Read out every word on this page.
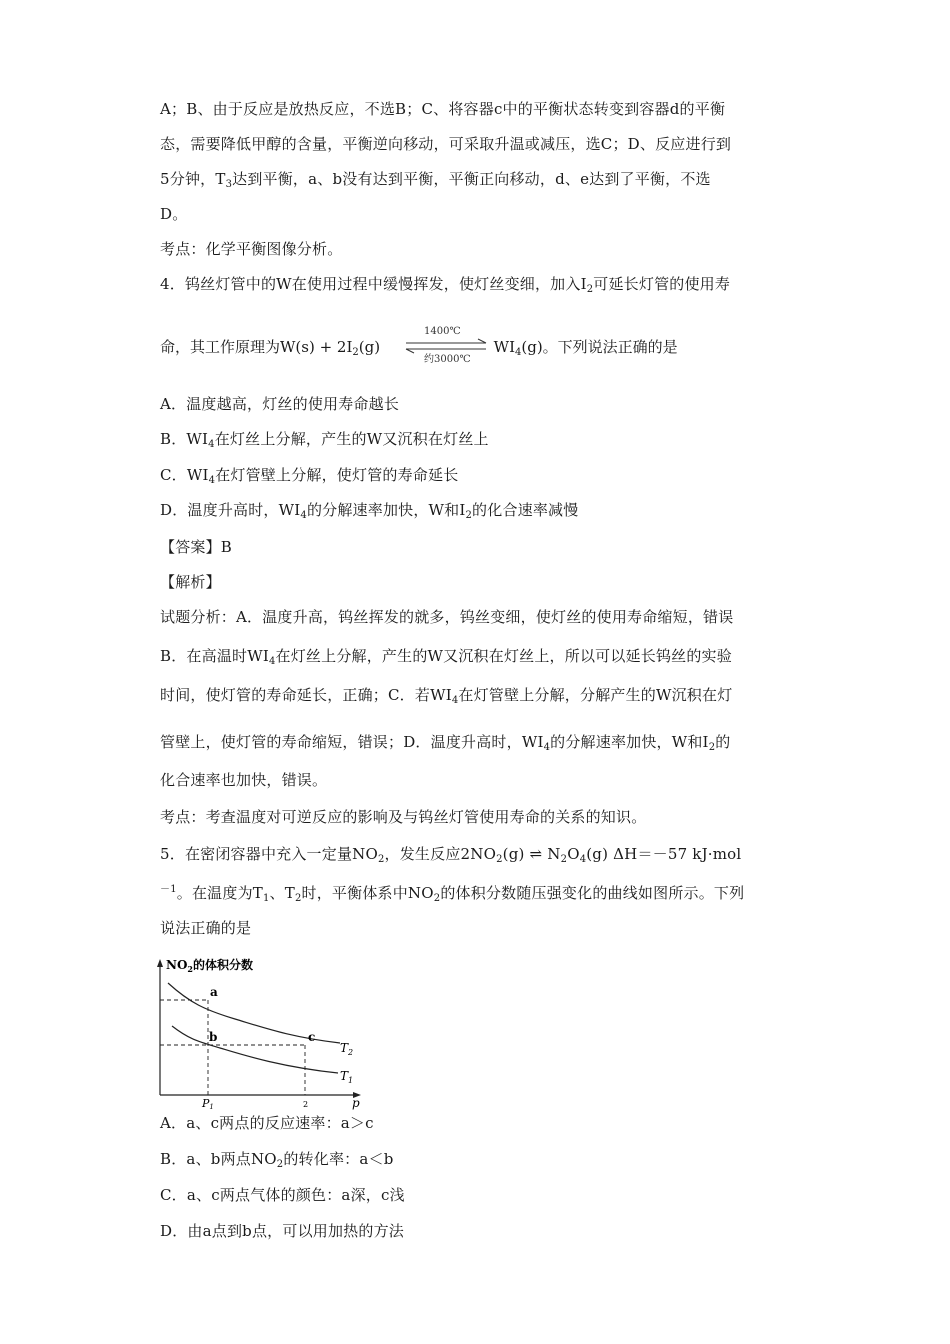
A；B、由于反应是放热反应，不选B；C、将容器c中的平衡状态转变到容器d的平衡
态，需要降低甲醇的含量，平衡逆向移动，可采取升温或减压，选C；D、反应进行到
5分钟，$T_3$达到平衡，a、b没有达到平衡，平衡正向移动，d、e达到了平衡，不选
D。
考点：化学平衡图像分析。
4．钨丝灯管中的W在使用过程中缓慢挥发，使灯丝变细，加入$I_2$可延长灯管的使用寿
命，其工作原理为$W(s) + 2I_2(g)$	$WI_4(g)$。下列说法正确的是
1400℃
约3000℃
A．温度越高，灯丝的使用寿命越长
B．$WI_4$在灯丝上分解，产生的W又沉积在灯丝上
C．$WI_4$在灯管壁上分解，使灯管的寿命延长
D．温度升高时，$WI_4$的分解速率加快，W和$I_2$的化合速率减慢
【答案】B
【解析】
试题分析：A．温度升高，钨丝挥发的就多，钨丝变细，使灯丝的使用寿命缩短，错误
B．在高温时$WI_4$在灯丝上分解，产生的W又沉积在灯丝上，所以可以延长钨丝的实验
时间，使灯管的寿命延长，正确；C．若$WI_4$在灯管壁上分解，分解产生的W沉积在灯
管壁上，使灯管的寿命缩短，错误；D．温度升高时，$WI_4$的分解速率加快，W和$I_2$的
化合速率也加快，错误。
考点：考查温度对可逆反应的影响及与钨丝灯管使用寿命的关系的知识。
5．在密闭容器中充入一定量$NO_2$，发生反应$2NO_2(g)$ ⇌ $N_2O_4(g)$ ΔH＝－57 kJ·mol
$^{-1}$。在温度为$T_1$、$T_2$时，平衡体系中$NO_2$的体积分数随压强变化的曲线如图所示。下列
说法正确的是
$NO_2$的体积分数
a
b	c
$T_2$
$T_1$
P1	2	p
A．a、c两点的反应速率：a＞c
B．a、b两点$NO_2$的转化率：a＜b
C．a、c两点气体的颜色：a深，c浅
D．由a点到b点，可以用加热的方法
